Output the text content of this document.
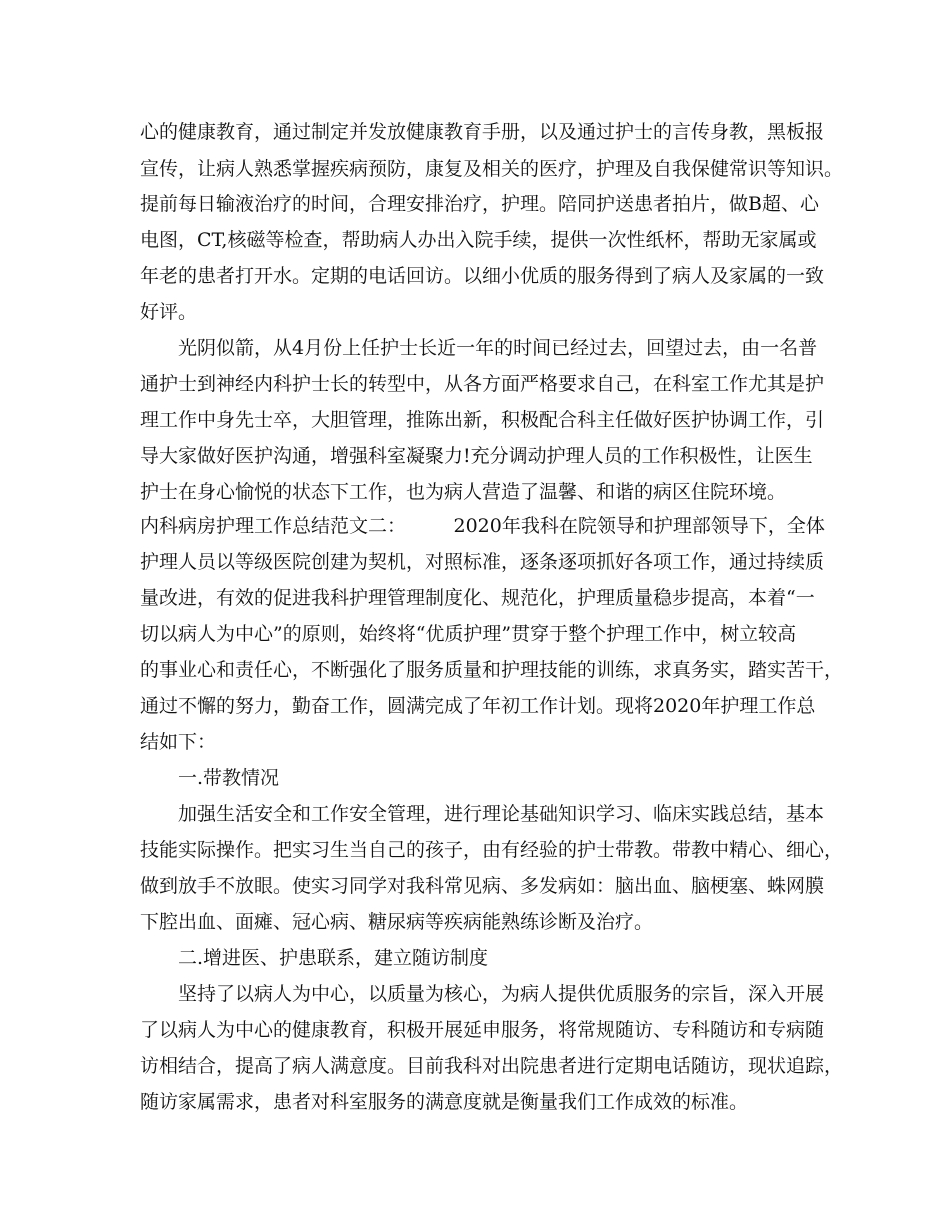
心的健康教育，通过制定并发放健康教育手册，以及通过护士的言传身教，黑板报
宣传，让病人熟悉掌握疾病预防，康复及相关的医疗，护理及自我保健常识等知识。
提前每日输液治疗的时间，合理安排治疗，护理。陪同护送患者拍片，做B超、心
电图，CT,核磁等检查，帮助病人办出入院手续，提供一次性纸杯，帮助无家属或
年老的患者打开水。定期的电话回访。以细小优质的服务得到了病人及家属的一致
好评。
光阴似箭，从4月份上任护士长近一年的时间已经过去，回望过去，由一名普
通护士到神经内科护士长的转型中，从各方面严格要求自己，在科室工作尤其是护
理工作中身先士卒，大胆管理，推陈出新，积极配合科主任做好医护协调工作，引
导大家做好医护沟通，增强科室凝聚力!充分调动护理人员的工作积极性，让医生
护士在身心愉悦的状态下工作，也为病人营造了温馨、和谐的病区住院环境。
内科病房护理工作总结范文二：　　　2020年我科在院领导和护理部领导下，全体
护理人员以等级医院创建为契机，对照标准，逐条逐项抓好各项工作，通过持续质
量改进，有效的促进我科护理管理制度化、规范化，护理质量稳步提高，本着“一
切以病人为中心”的原则，始终将“优质护理”贯穿于整个护理工作中，树立较高
的事业心和责任心，不断强化了服务质量和护理技能的训练，求真务实，踏实苦干，
通过不懈的努力，勤奋工作，圆满完成了年初工作计划。现将2020年护理工作总
结如下：
一.带教情况
加强生活安全和工作安全管理，进行理论基础知识学习、临床实践总结，基本
技能实际操作。把实习生当自己的孩子，由有经验的护士带教。带教中精心、细心，
做到放手不放眼。使实习同学对我科常见病、多发病如：脑出血、脑梗塞、蛛网膜
下腔出血、面瘫、冠心病、糖尿病等疾病能熟练诊断及治疗。
二.增进医、护患联系，建立随访制度
坚持了以病人为中心，以质量为核心，为病人提供优质服务的宗旨，深入开展
了以病人为中心的健康教育，积极开展延申服务，将常规随访、专科随访和专病随
访相结合，提高了病人满意度。目前我科对出院患者进行定期电话随访，现状追踪，
随访家属需求，患者对科室服务的满意度就是衡量我们工作成效的标准。
